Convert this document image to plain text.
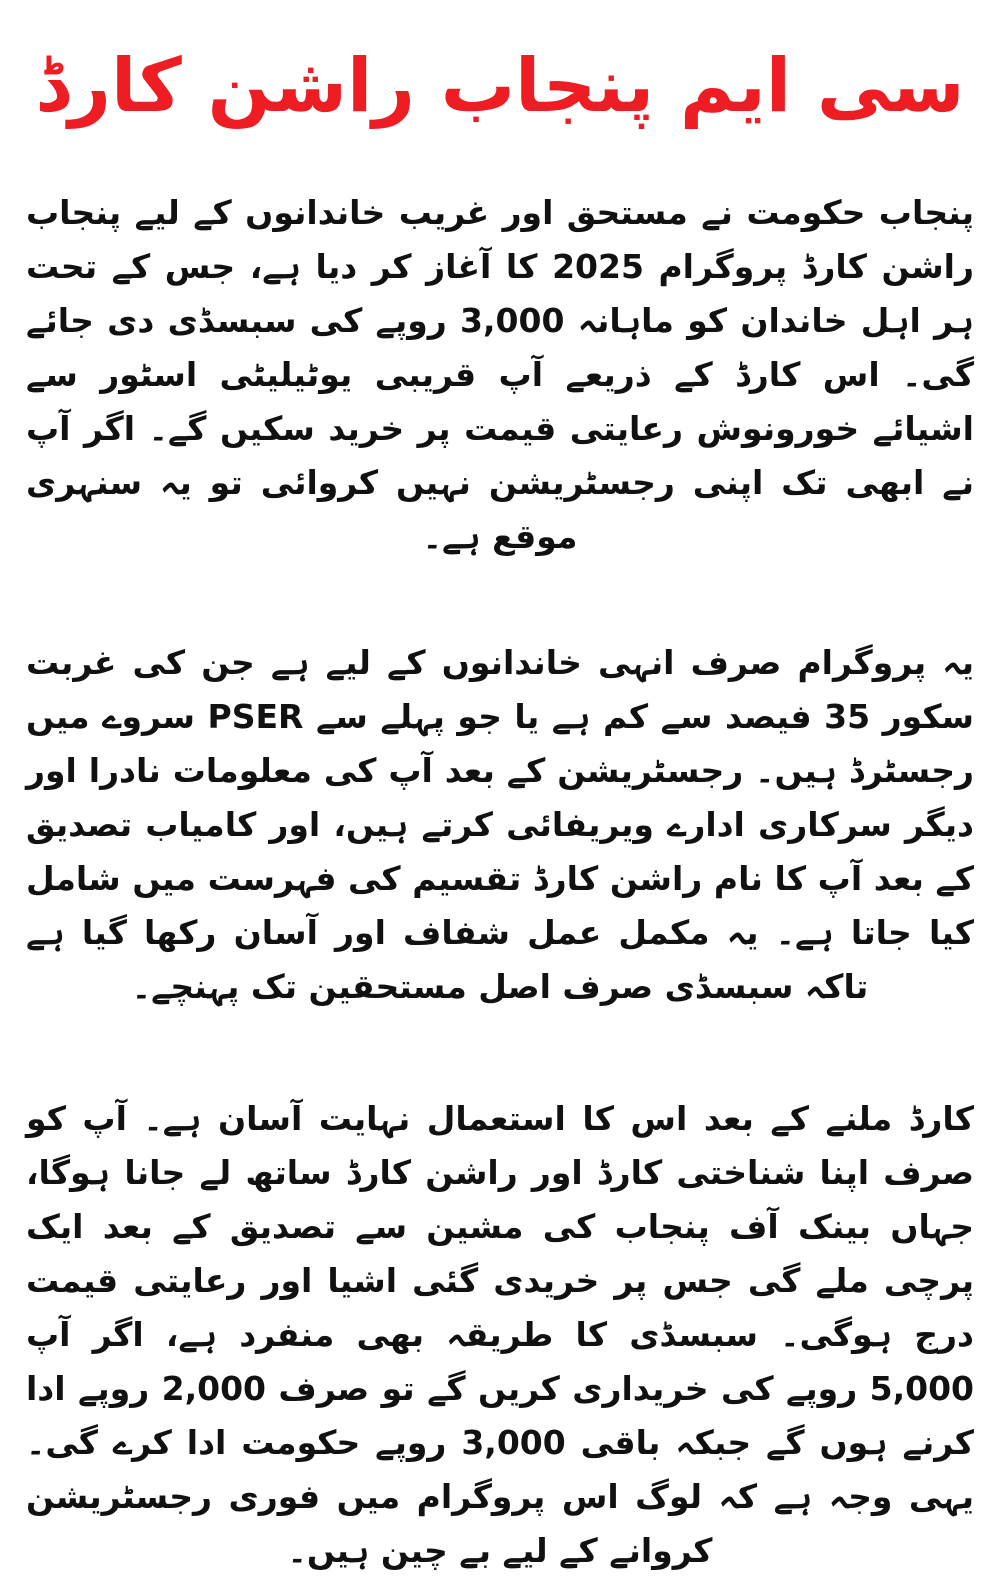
سی ایم پنجاب راشن کارڈ

پنجاب حکومت نے مستحق اور غریب خاندانوں کے لیے پنجاب راشن کارڈ پروگرام 2025 کا آغاز کر دیا ہے، جس کے تحت ہر اہل خاندان کو ماہانہ 3,000 روپے کی سبسڈی دی جائے گی۔ اس کارڈ کے ذریعے آپ قریبی یوٹیلیٹی اسٹور سے اشیائے خورونوش رعایتی قیمت پر خرید سکیں گے۔ اگر آپ نے ابھی تک اپنی رجسٹریشن نہیں کروائی تو یہ سنہری موقع ہے۔

یہ پروگرام صرف انہی خاندانوں کے لیے ہے جن کی غربت سکور 35 فیصد سے کم ہے یا جو پہلے سے PSER سروے میں رجسٹرڈ ہیں۔ رجسٹریشن کے بعد آپ کی معلومات نادرا اور دیگر سرکاری ادارے ویریفائی کرتے ہیں، اور کامیاب تصدیق کے بعد آپ کا نام راشن کارڈ تقسیم کی فہرست میں شامل کیا جاتا ہے۔ یہ مکمل عمل شفاف اور آسان رکھا گیا ہے تاکہ سبسڈی صرف اصل مستحقین تک پہنچے۔

کارڈ ملنے کے بعد اس کا استعمال نہایت آسان ہے۔ آپ کو صرف اپنا شناختی کارڈ اور راشن کارڈ ساتھ لے جانا ہوگا، جہاں بینک آف پنجاب کی مشین سے تصدیق کے بعد ایک پرچی ملے گی جس پر خریدی گئی اشیا اور رعایتی قیمت درج ہوگی۔ سبسڈی کا طریقہ بھی منفرد ہے، اگر آپ 5,000 روپے کی خریداری کریں گے تو صرف 2,000 روپے ادا کرنے ہوں گے جبکہ باقی 3,000 روپے حکومت ادا کرے گی۔ یہی وجہ ہے کہ لوگ اس پروگرام میں فوری رجسٹریشن کروانے کے لیے بے چین ہیں۔
